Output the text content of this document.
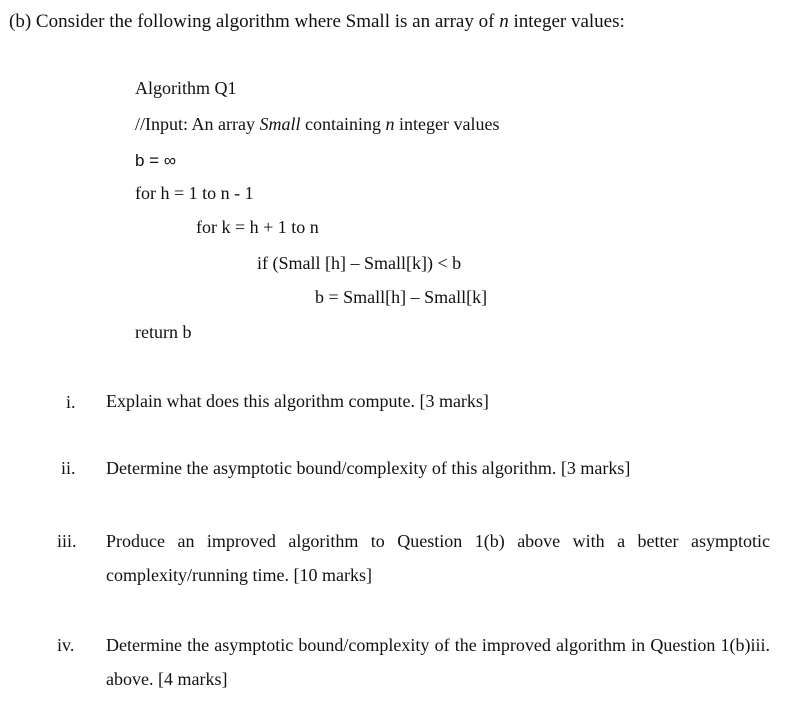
(b) Consider the following algorithm where Small is an array of n integer values:
Algorithm Q1
//Input: An array Small containing n integer values
b = ∞
for h = 1 to n - 1
for k = h + 1 to n
if (Small [h] – Small[k]) < b
b = Small[h] – Small[k]
return b
i. Explain what does this algorithm compute. [3 marks]
ii. Determine the asymptotic bound/complexity of this algorithm. [3 marks]
iii. Produce an improved algorithm to Question 1(b) above with a better asymptotic complexity/running time. [10 marks]
iv. Determine the asymptotic bound/complexity of the improved algorithm in Question 1(b)iii. above. [4 marks]
